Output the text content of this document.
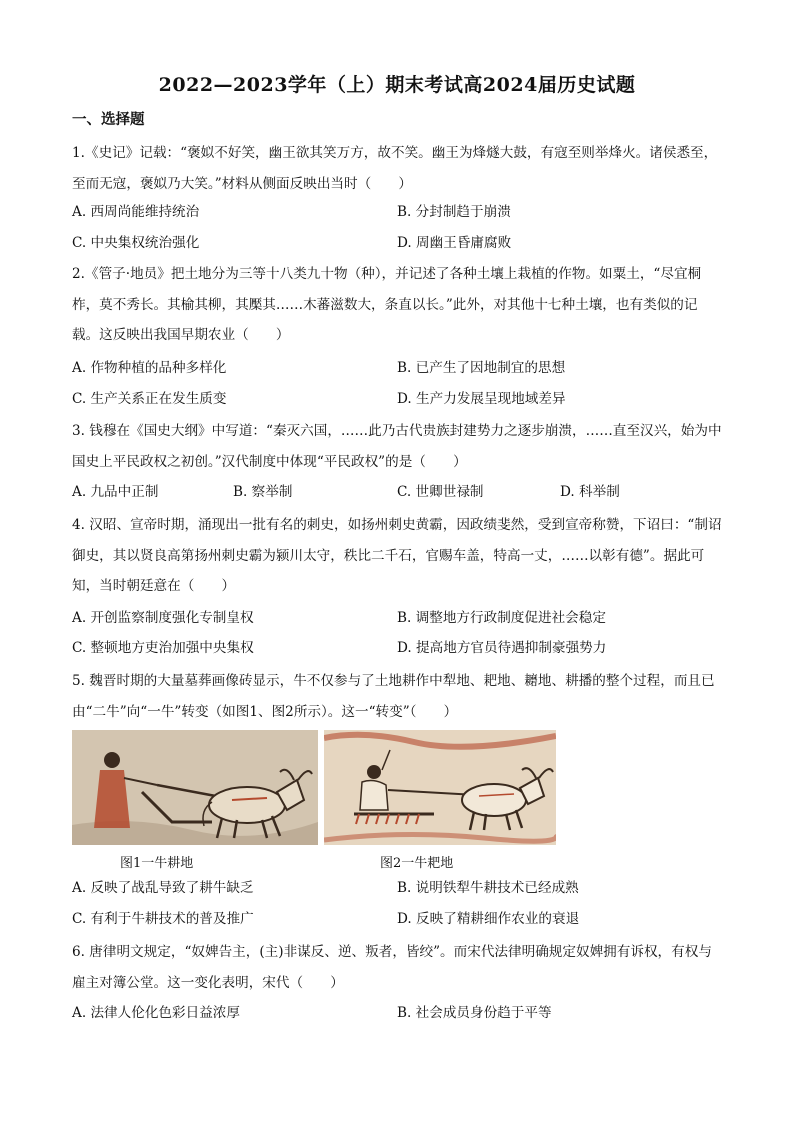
2022—2023学年（上）期末考试高2024届历史试题
一、选择题
1.《史记》记载：“褒姒不好笑，幽王欲其笑万方，故不笑。幽王为烽燧大鼓，有寇至则举烽火。诸侯悉至，至而无寇，褒姒乃大笑。”材料从侧面反映出当时（　　）
A. 西周尚能维持统治	B. 分封制趋于崩溃
C. 中央集权统治强化	D. 周幽王昏庸腐败
2.《管子·地员》把土地分为三等十八类九十物（种），并记述了各种土壤上栽植的作物。如粟土，“尽宜桐柞，莫不秀长。其榆其柳，其檿其……木蕃滋数大，条直以长。”此外，对其他十七种土壤，也有类似的记载。这反映出我国早期农业（　　）
A. 作物种植的品种多样化	B. 已产生了因地制宜的思想
C. 生产关系正在发生质变	D. 生产力发展呈现地域差异
3. 钱穆在《国史大纲》中写道：“秦灭六国，……此乃古代贵族封建势力之逐步崩溃，……直至汉兴，始为中国史上平民政权之初创。”汉代制度中体现“平民政权”的是（　　）
A. 九品中正制	B. 察举制	C. 世卿世禄制	D. 科举制
4. 汉昭、宣帝时期，涌现出一批有名的刺史，如扬州刺史黄霸，因政绩斐然，受到宣帝称赞，下诏曰：“制诏御史，其以贤良高第扬州刺史霸为颍川太守，秩比二千石，官赐车盖，特高一丈，……以彰有德”。据此可知，当时朝廷意在（　　）
A. 开创监察制度强化专制皇权	B. 调整地方行政制度促进社会稳定
C. 整顿地方吏治加强中央集权	D. 提高地方官员待遇抑制豪强势力
5. 魏晋时期的大量墓葬画像砖显示，牛不仅参与了土地耕作中犁地、耙地、耱地、耕播的整个过程，而且已由“二牛”向“一牛”转变（如图1、图2所示）。这一“转变”（　　）
图1一牛耕地	图2一牛耙地
A. 反映了战乱导致了耕牛缺乏	B. 说明铁犁牛耕技术已经成熟
C. 有利于牛耕技术的普及推广	D. 反映了精耕细作农业的衰退
6. 唐律明文规定，“奴婢告主，(主)非谋反、逆、叛者，皆绞”。而宋代法律明确规定奴婢拥有诉权，有权与雇主对簿公堂。这一变化表明，宋代（　　）
A. 法律人伦化色彩日益浓厚	B. 社会成员身份趋于平等
